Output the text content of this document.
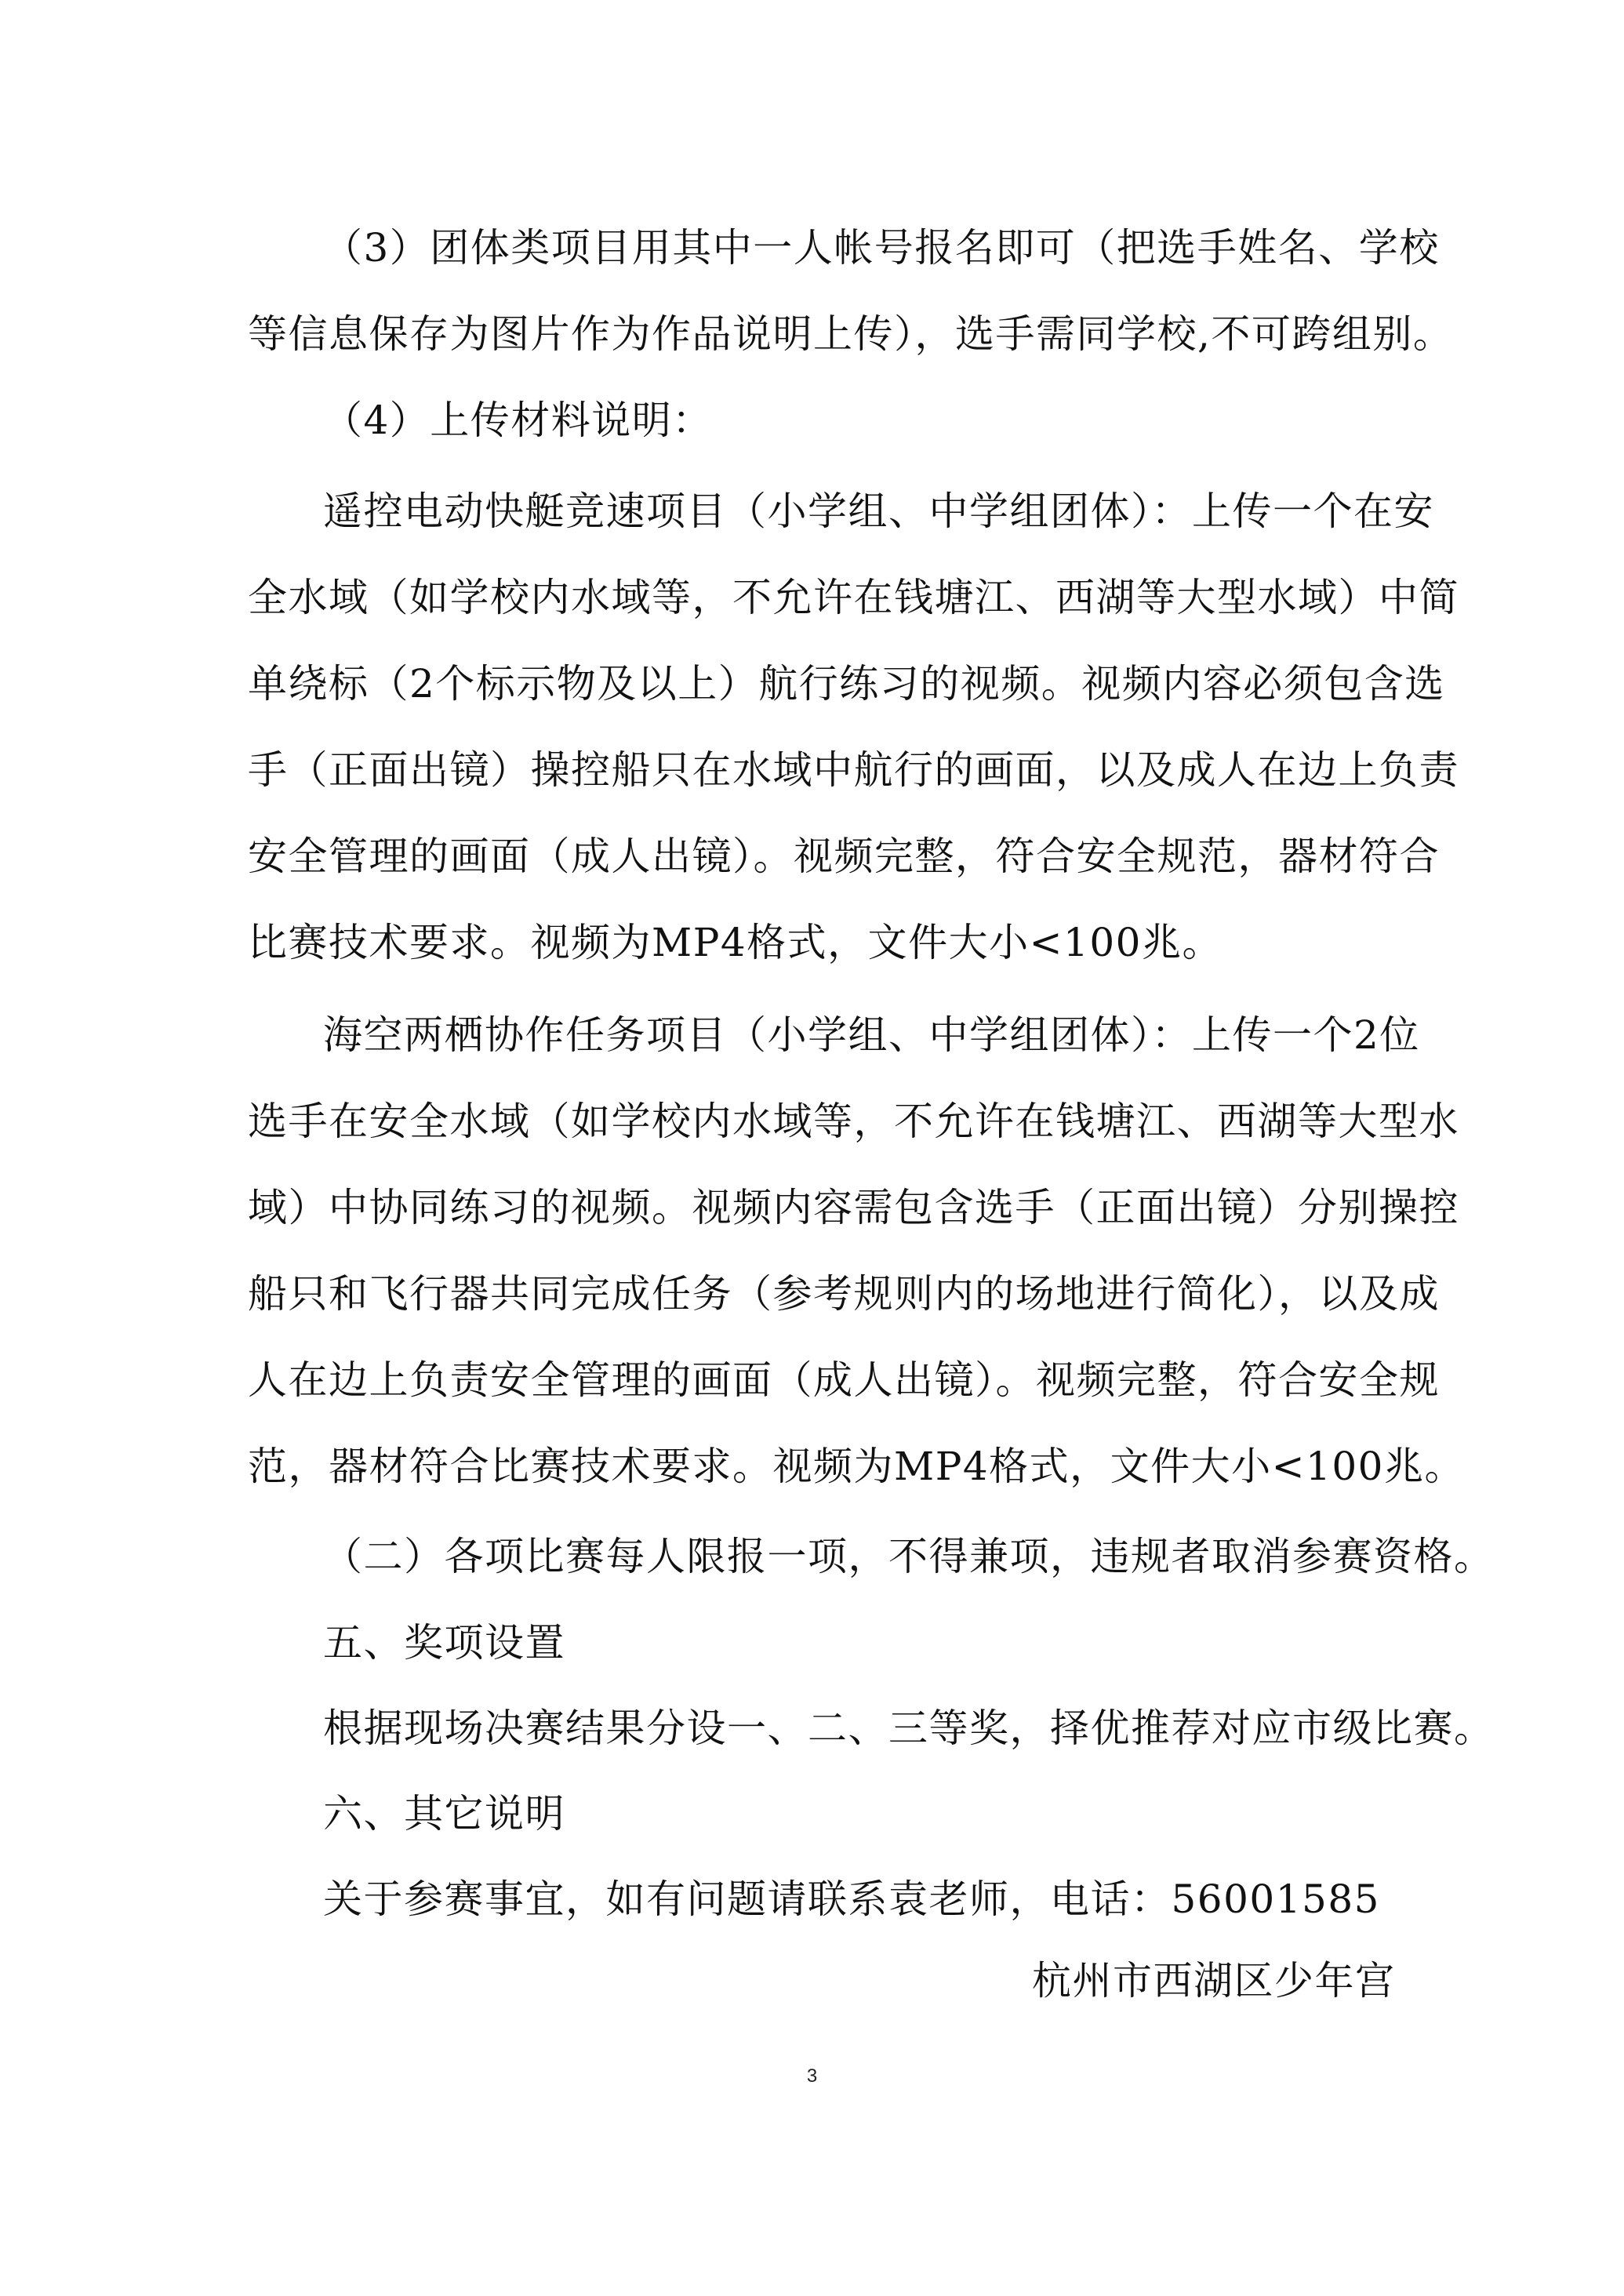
（3）团体类项目用其中一人帐号报名即可（把选手姓名、学校
等信息保存为图片作为作品说明上传），选手需同学校,不可跨组别。
（4）上传材料说明：
遥控电动快艇竞速项目（小学组、中学组团体）：上传一个在安
全水域（如学校内水域等，不允许在钱塘江、西湖等大型水域）中简
单绕标（2个标示物及以上）航行练习的视频。视频内容必须包含选
手（正面出镜）操控船只在水域中航行的画面，以及成人在边上负责
安全管理的画面（成人出镜）。视频完整，符合安全规范，器材符合
比赛技术要求。视频为MP4格式，文件大小<100兆。
海空两栖协作任务项目（小学组、中学组团体）：上传一个2位
选手在安全水域（如学校内水域等，不允许在钱塘江、西湖等大型水
域）中协同练习的视频。视频内容需包含选手（正面出镜）分别操控
船只和飞行器共同完成任务（参考规则内的场地进行简化），以及成
人在边上负责安全管理的画面（成人出镜）。视频完整，符合安全规
范，器材符合比赛技术要求。视频为MP4格式，文件大小<100兆。
（二）各项比赛每人限报一项，不得兼项，违规者取消参赛资格。
五、奖项设置
根据现场决赛结果分设一、二、三等奖，择优推荐对应市级比赛。
六、其它说明
关于参赛事宜，如有问题请联系袁老师，电话：56001585
杭州市西湖区少年宫
3
